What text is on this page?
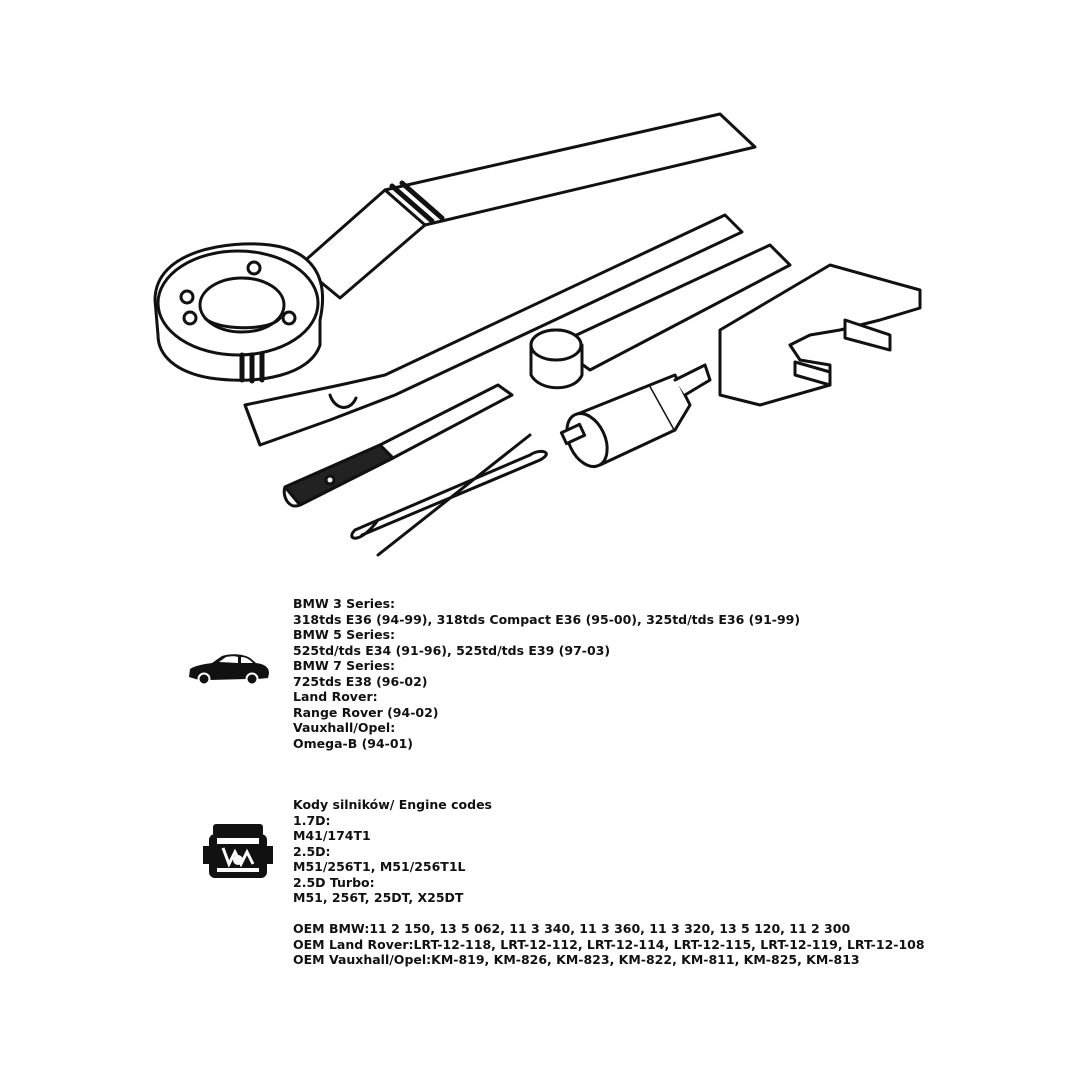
BMW 3 Series:
318tds E36 (94-99), 318tds Compact E36 (95-00), 325td/tds E36 (91-99)
BMW 5 Series:
525td/tds E34 (91-96), 525td/tds E39 (97-03)
BMW 7 Series:
725tds E38 (96-02)
Land Rover:
Range Rover (94-02)
Vauxhall/Opel:
Omega-B (94-01)
Kody silników/ Engine codes
1.7D:
M41/174T1
2.5D:
M51/256T1, M51/256T1L
2.5D Turbo:
M51, 256T, 25DT, X25DT
OEM BMW:11 2 150, 13 5 062, 11 3 340, 11 3 360, 11 3 320, 13 5 120, 11 2 300
OEM Land Rover:LRT-12-118, LRT-12-112, LRT-12-114, LRT-12-115, LRT-12-119, LRT-12-108
OEM Vauxhall/Opel:KM-819, KM-826, KM-823, KM-822, KM-811, KM-825, KM-813
